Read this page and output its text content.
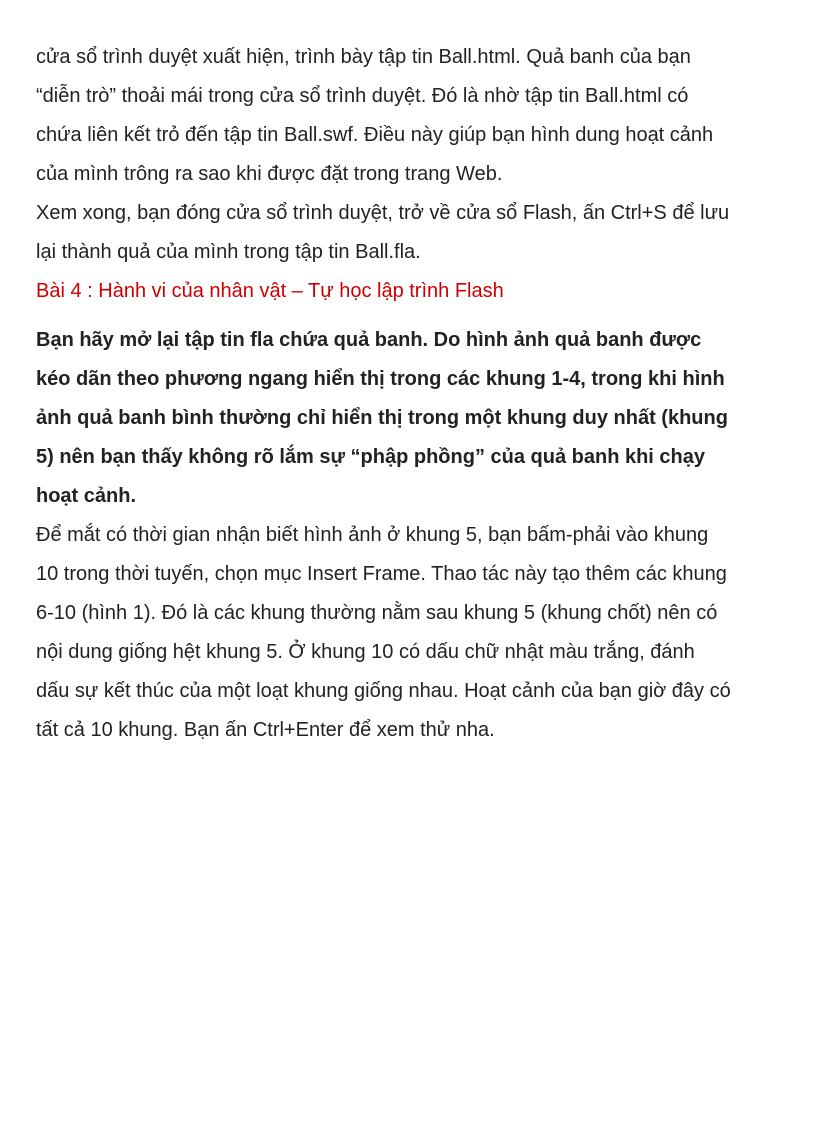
cửa sổ trình duyệt xuất hiện, trình bày tập tin Ball.html. Quả banh của bạn
“diễn trò” thoải mái trong cửa sổ trình duyệt. Đó là nhờ tập tin Ball.html có
chứa liên kết trỏ đến tập tin Ball.swf. Điều này giúp bạn hình dung hoạt cảnh
của mình trông ra sao khi được đặt trong trang Web.
Xem xong, bạn đóng cửa sổ trình duyệt, trở về cửa sổ Flash, ấn Ctrl+S để lưu
lại thành quả của mình trong tập tin Ball.fla.
Bài 4 : Hành vi của nhân vật – Tự học lập trình Flash
Bạn hãy mở lại tập tin fla chứa quả banh. Do hình ảnh quả banh được
kéo dãn theo phương ngang hiển thị trong các khung 1-4, trong khi hình
ảnh quả banh bình thường chỉ hiển thị trong một khung duy nhất (khung
5) nên bạn thấy không rõ lắm sự “phập phồng” của quả banh khi chạy
hoạt cảnh.
Để mắt có thời gian nhận biết hình ảnh ở khung 5, bạn bấm-phải vào khung
10 trong thời tuyến, chọn mục Insert Frame. Thao tác này tạo thêm các khung
6-10 (hình 1). Đó là các khung thường nằm sau khung 5 (khung chốt) nên có
nội dung giống hệt khung 5. Ở khung 10 có dấu chữ nhật màu trắng, đánh
dấu sự kết thúc của một loạt khung giống nhau. Hoạt cảnh của bạn giờ đây có
tất cả 10 khung. Bạn ấn Ctrl+Enter để xem thử nha.
